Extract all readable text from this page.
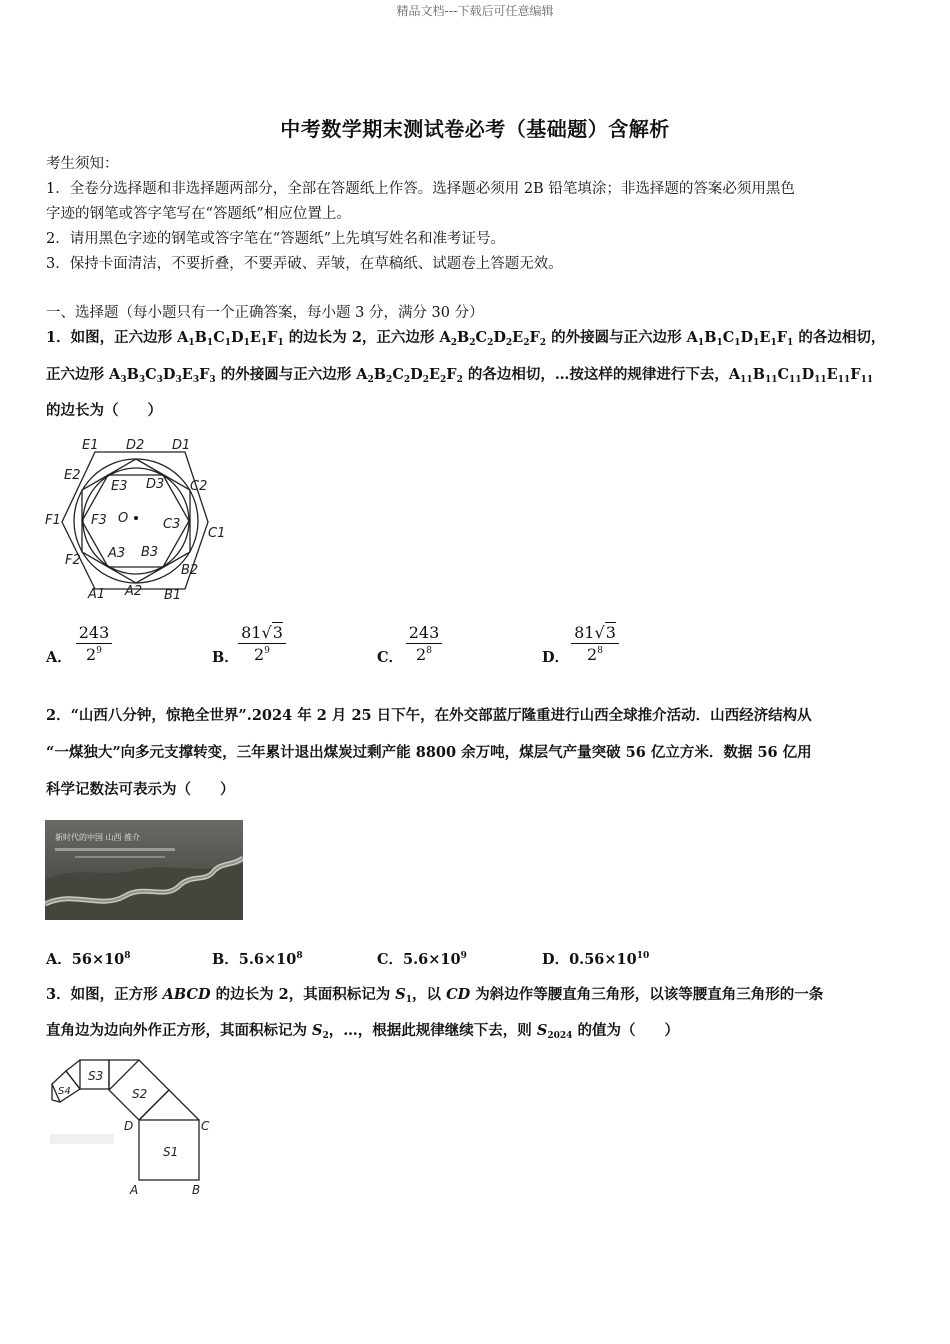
精品文档---下载后可任意编辑
中考数学期末测试卷必考（基础题）含解析
考生须知：
1．全卷分选择题和非选择题两部分，全部在答题纸上作答。选择题必须用 2B 铅笔填涂；非选择题的答案必须用黑色
字迹的钢笔或答字笔写在“答题纸”相应位置上。
2．请用黑色字迹的钢笔或答字笔在“答题纸”上先填写姓名和准考证号。
3．保持卡面清洁，不要折叠，不要弄破、弄皱，在草稿纸、试题卷上答题无效。
一、选择题（每小题只有一个正确答案，每小题 3 分，满分 30 分）
1．如图，正六边形 $A_1B_1C_1D_1E_1F_1$ 的边长为 2，正六边形 $A_2B_2C_2D_2E_2F_2$ 的外接圆与正六边形 $A_1B_1C_1D_1E_1F_1$ 的各边相切，
正六边形 $A_3B_3C_3D_3E_3F_3$ 的外接圆与正六边形 $A_2B_2C_2D_2E_2F_2$ 的各边相切，…按这样的规律进行下去，$A_{11}B_{11}C_{11}D_{11}E_{11}F_{11}$
的边长为（　　）
E1 D2 D1
E2
E3 D3 C2
F1 F3 O	C3
C1
F2 A3 B3
B2
A1 A2 B1
A．
243
$2^9$	B．
81√3
$2^9$	C．
243
$2^8$	D．
81√3
$2^8$
2．“山西八分钟，惊艳全世界”.2024 年 2 月 25 日下午，在外交部蓝厅隆重进行山西全球推介活动．山西经济结构从
“一煤独大”向多元支撑转变，三年累计退出煤炭过剩产能 8800 余万吨，煤层气产量突破 56 亿立方米．数据 56 亿用
科学记数法可表示为（　　）
新时代的中国 山西 推介
A．$56\times 10^8$	B．$5.6\times 10^8$	C．$5.6\times 10^9$	D．$0.56\times 10^{10}$
3．如图，正方形 ABCD 的边长为 2，其面积标记为 $S_1$，以 CD 为斜边作等腰直角三角形，以该等腰直角三角形的一条
直角边为边向外作正方形，其面积标记为 $S_2$，…，根据此规律继续下去，则 $S_{2024}$ 的值为（　　）
S3
S4	S2
D	C
S1
A	B
